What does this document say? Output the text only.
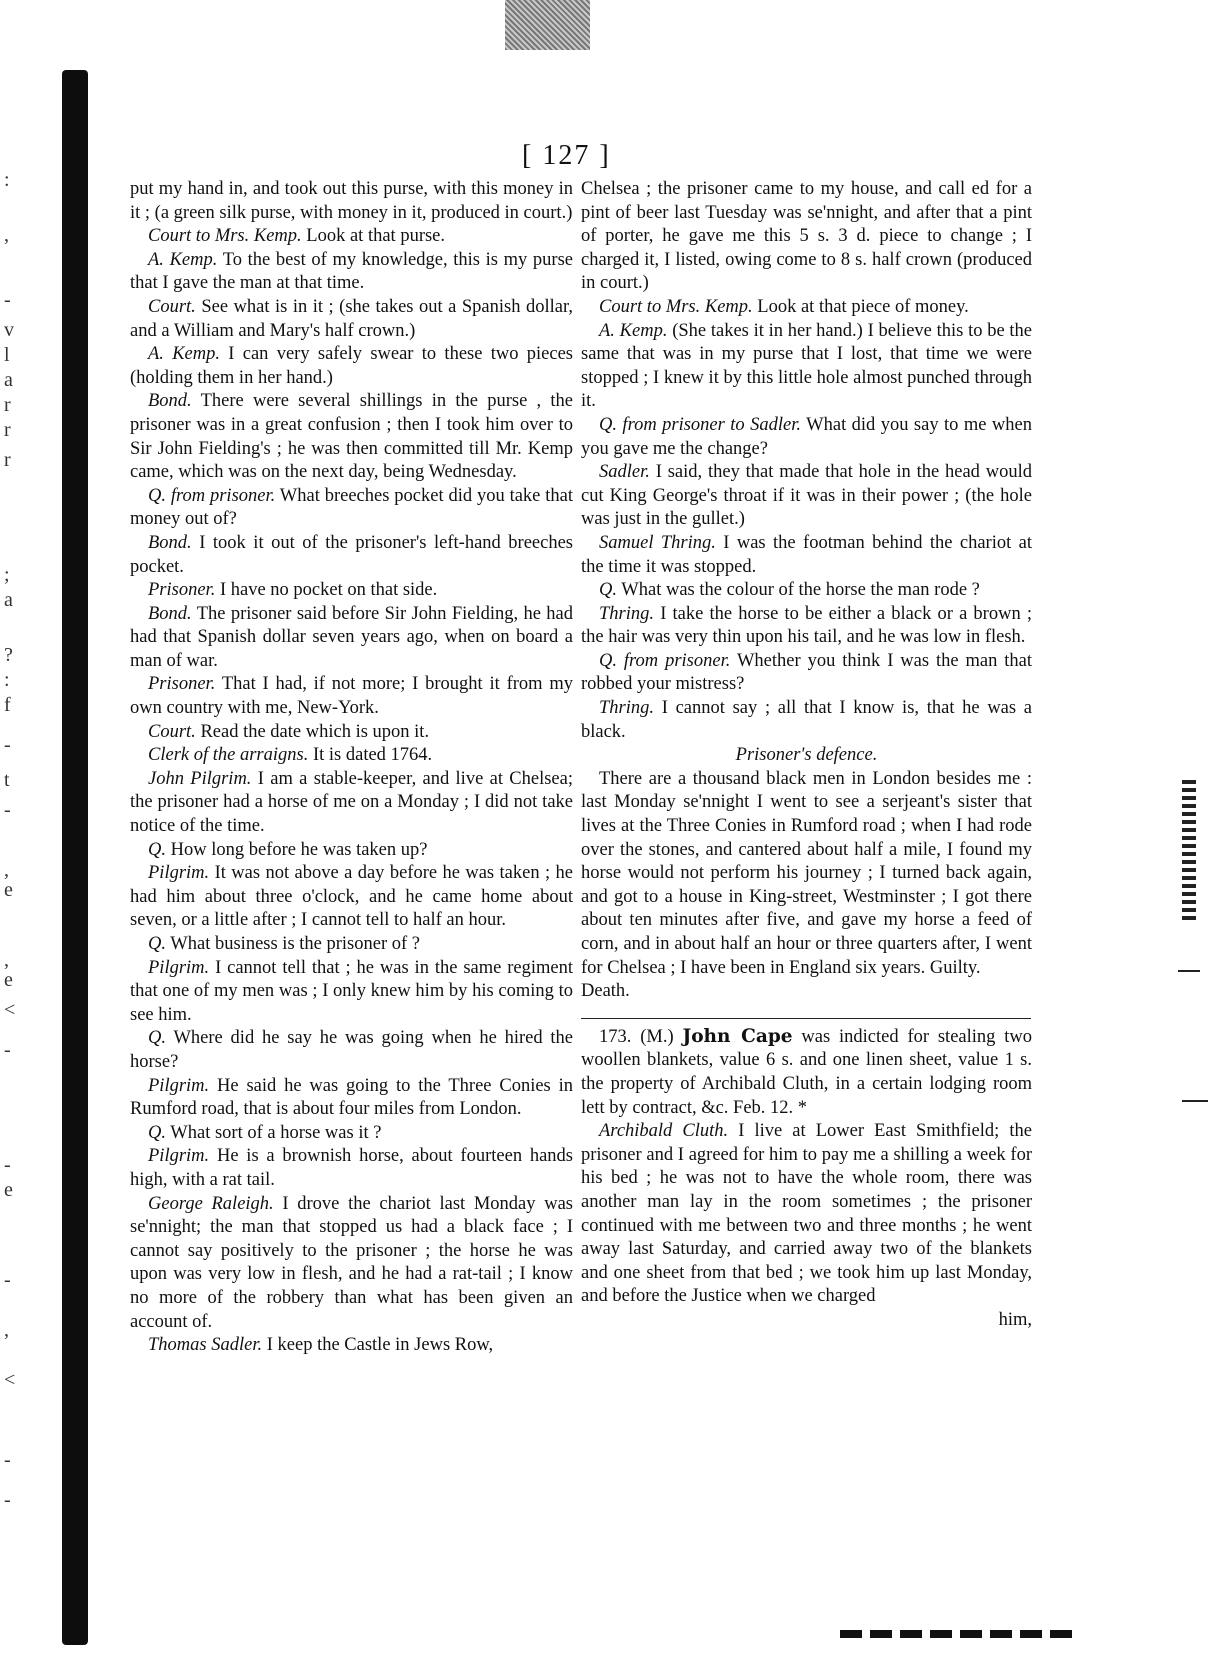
:
,
-
v
l
a
r
r
r
;
a
?
:
f
-
t
-
,
e
,
e
<
-
-
e
-
,
<
-
-
[ 127 ]

put my hand in, and took out this purse, with this money in it ; (a green silk purse, with money in it, produced in court.)

Court to Mrs. Kemp. Look at that purse.

A. Kemp. To the best of my knowledge, this is my purse that I gave the man at that time.

Court. See what is in it ; (she takes out a Spanish dollar, and a William and Mary's half crown.)

A. Kemp. I can very safely swear to these two pieces (holding them in her hand.)

Bond. There were several shillings in the purse , the prisoner was in a great confusion ; then I took him over to Sir John Fielding's ; he was then committed till Mr. Kemp came, which was on the next day, being Wednesday.

Q. from prisoner. What breeches pocket did you take that money out of?

Bond. I took it out of the prisoner's left-hand breeches pocket.

Prisoner. I have no pocket on that side.

Bond. The prisoner said before Sir John Fielding, he had had that Spanish dollar seven years ago, when on board a man of war.

Prisoner. That I had, if not more; I brought it from my own country with me, New-York.

Court. Read the date which is upon it.

Clerk of the arraigns. It is dated 1764.

John Pilgrim. I am a stable-keeper, and live at Chelsea; the prisoner had a horse of me on a Monday ; I did not take notice of the time.

Q. How long before he was taken up?

Pilgrim. It was not above a day before he was taken ; he had him about three o'clock, and he came home about seven, or a little after ; I cannot tell to half an hour.

Q. What business is the prisoner of ?

Pilgrim. I cannot tell that ; he was in the same regiment that one of my men was ; I only knew him by his coming to see him.

Q. Where did he say he was going when he hired the horse?

Pilgrim. He said he was going to the Three Conies in Rumford road, that is about four miles from London.

Q. What sort of a horse was it ?

Pilgrim. He is a brownish horse, about fourteen hands high, with a rat tail.

George Raleigh. I drove the chariot last Monday was se'nnight; the man that stopped us had a black face ; I cannot say positively to the prisoner ; the horse he was upon was very low in flesh, and he had a rat-tail ; I know no more of the robbery than what has been given an account of.

Thomas Sadler. I keep the Castle in Jews Row,

Chelsea ; the prisoner came to my house, and call ed for a pint of beer last Tuesday was se'nnight, and after that a pint of porter, he gave me this 5 s. 3 d. piece to change ; I charged it, I listed, owing come to 8 s. half crown (produced in court.)

Court to Mrs. Kemp. Look at that piece of money.

A. Kemp. (She takes it in her hand.) I believe this to be the same that was in my purse that I lost, that time we were stopped ; I knew it by this little hole almost punched through it.

Q. from prisoner to Sadler. What did you say to me when you gave me the change?

Sadler. I said, they that made that hole in the head would cut King George's throat if it was in their power ; (the hole was just in the gullet.)

Samuel Thring. I was the footman behind the chariot at the time it was stopped.

Q. What was the colour of the horse the man rode ?

Thring. I take the horse to be either a black or a brown ; the hair was very thin upon his tail, and he was low in flesh.

Q. from prisoner. Whether you think I was the man that robbed your mistress?

Thring. I cannot say ; all that I know is, that he was a black.

Prisoner's defence.

There are a thousand black men in London besides me : last Monday se'nnight I went to see a serjeant's sister that lives at the Three Conies in Rumford road ; when I had rode over the stones, and cantered about half a mile, I found my horse would not perform his journey ; I turned back again, and got to a house in King-street, Westminster ; I got there about ten minutes after five, and gave my horse a feed of corn, and in about half an hour or three quarters after, I went for Chelsea ; I have been in England six years. Guilty.
Death.

173. (M.) John Cape was indicted for stealing two woollen blankets, value 6 s. and one linen sheet, value 1 s. the property of Archibald Cluth, in a certain lodging room lett by contract, &c. Feb. 12. *

Archibald Cluth. I live at Lower East Smithfield; the prisoner and I agreed for him to pay me a shilling a week for his bed ; he was not to have the whole room, there was another man lay in the room sometimes ; the prisoner continued with me between two and three months ; he went away last Saturday, and carried away two of the blankets and one sheet from that bed ; we took him up last Monday, and before the Justice when we charged

him,
